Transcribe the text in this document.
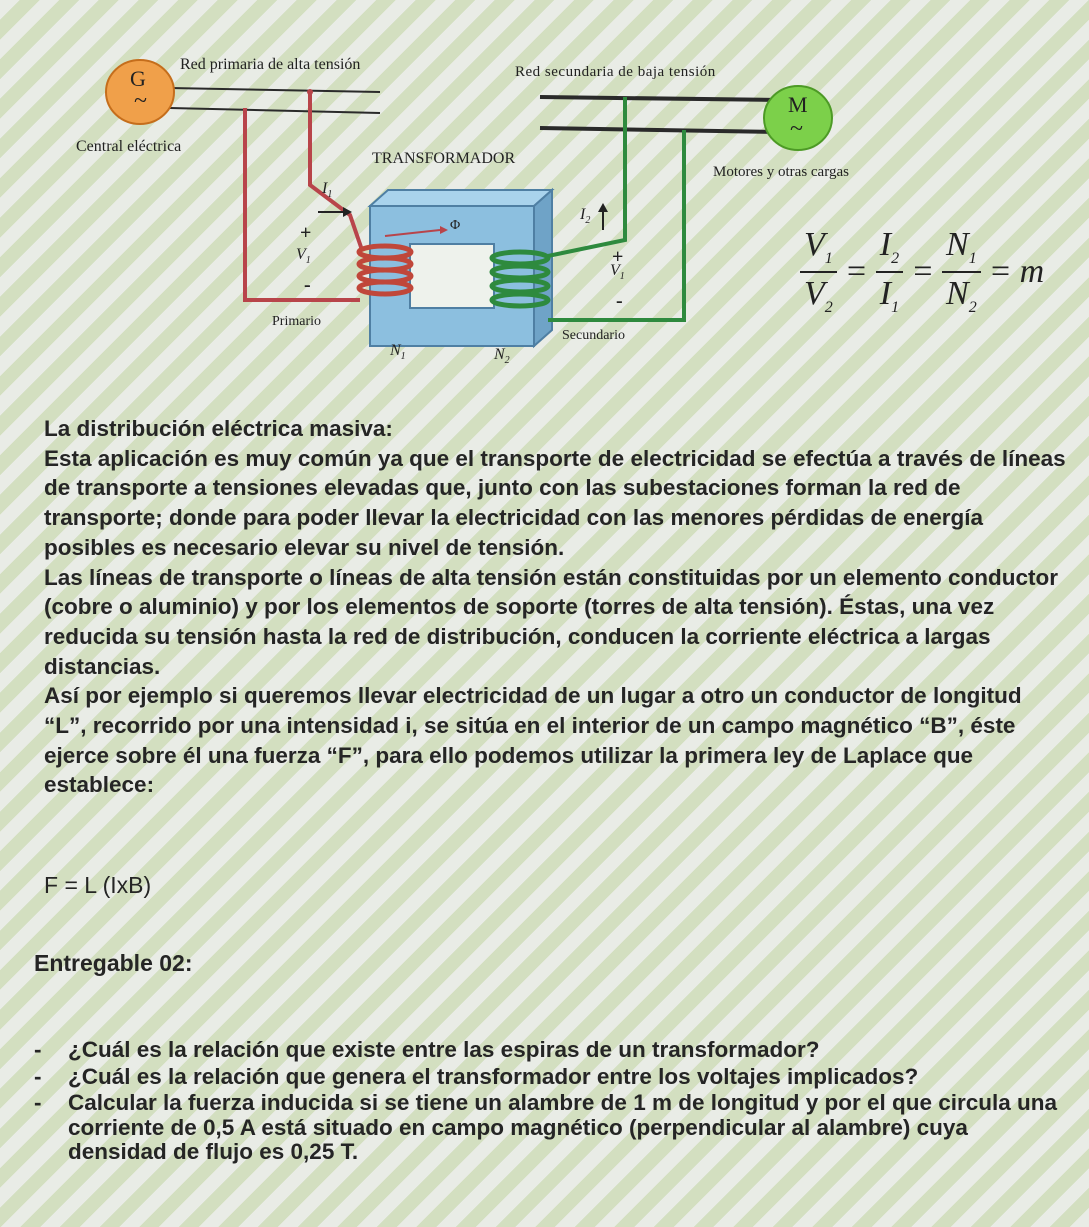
G
~	M
~
Red primaria de alta tensión	Red secundaria de baja tensión
Central eléctrica
TRANSFORMADOR
Motores y otras cargas
Primario
Secundario
Φ
$I_1$
$I_2$
+
$V_1$
-
+
$V_1$
-
$N_1$	$N_2$
$\frac{V_1}{V_2} = \frac{I_2}{I_1} = \frac{N_1}{N_2} = m$

La distribución eléctrica masiva:

Esta aplicación es muy común ya que el transporte de electricidad se efectúa a través de líneas de transporte a tensiones elevadas que, junto con las subestaciones forman la red de transporte; donde para poder llevar la electricidad con las menores pérdidas de energía posibles es necesario elevar su nivel de tensión.

Las líneas de transporte o líneas de alta tensión están constituidas por un elemento conductor (cobre o aluminio) y por los elementos de soporte (torres de alta tensión). Éstas, una vez reducida su tensión hasta la red de distribución, conducen la corriente eléctrica a largas distancias.

Así por ejemplo si queremos llevar electricidad de un lugar a otro un conductor de longitud “L”, recorrido por una intensidad i, se sitúa en el interior de un campo magnético “B”, éste ejerce sobre él una fuerza “F”, para ello podemos utilizar la primera ley de Laplace que establece:

F = L (IxB)
Entregable 02:
- ¿Cuál es la relación que existe entre las espiras de un transformador?
- ¿Cuál es la relación que genera el transformador entre los voltajes implicados?
- Calcular la fuerza inducida si se tiene un alambre de 1 m de longitud y por el que circula una corriente de 0,5 A está situado en campo magnético (perpendicular al alambre) cuya densidad de flujo es 0,25 T.
